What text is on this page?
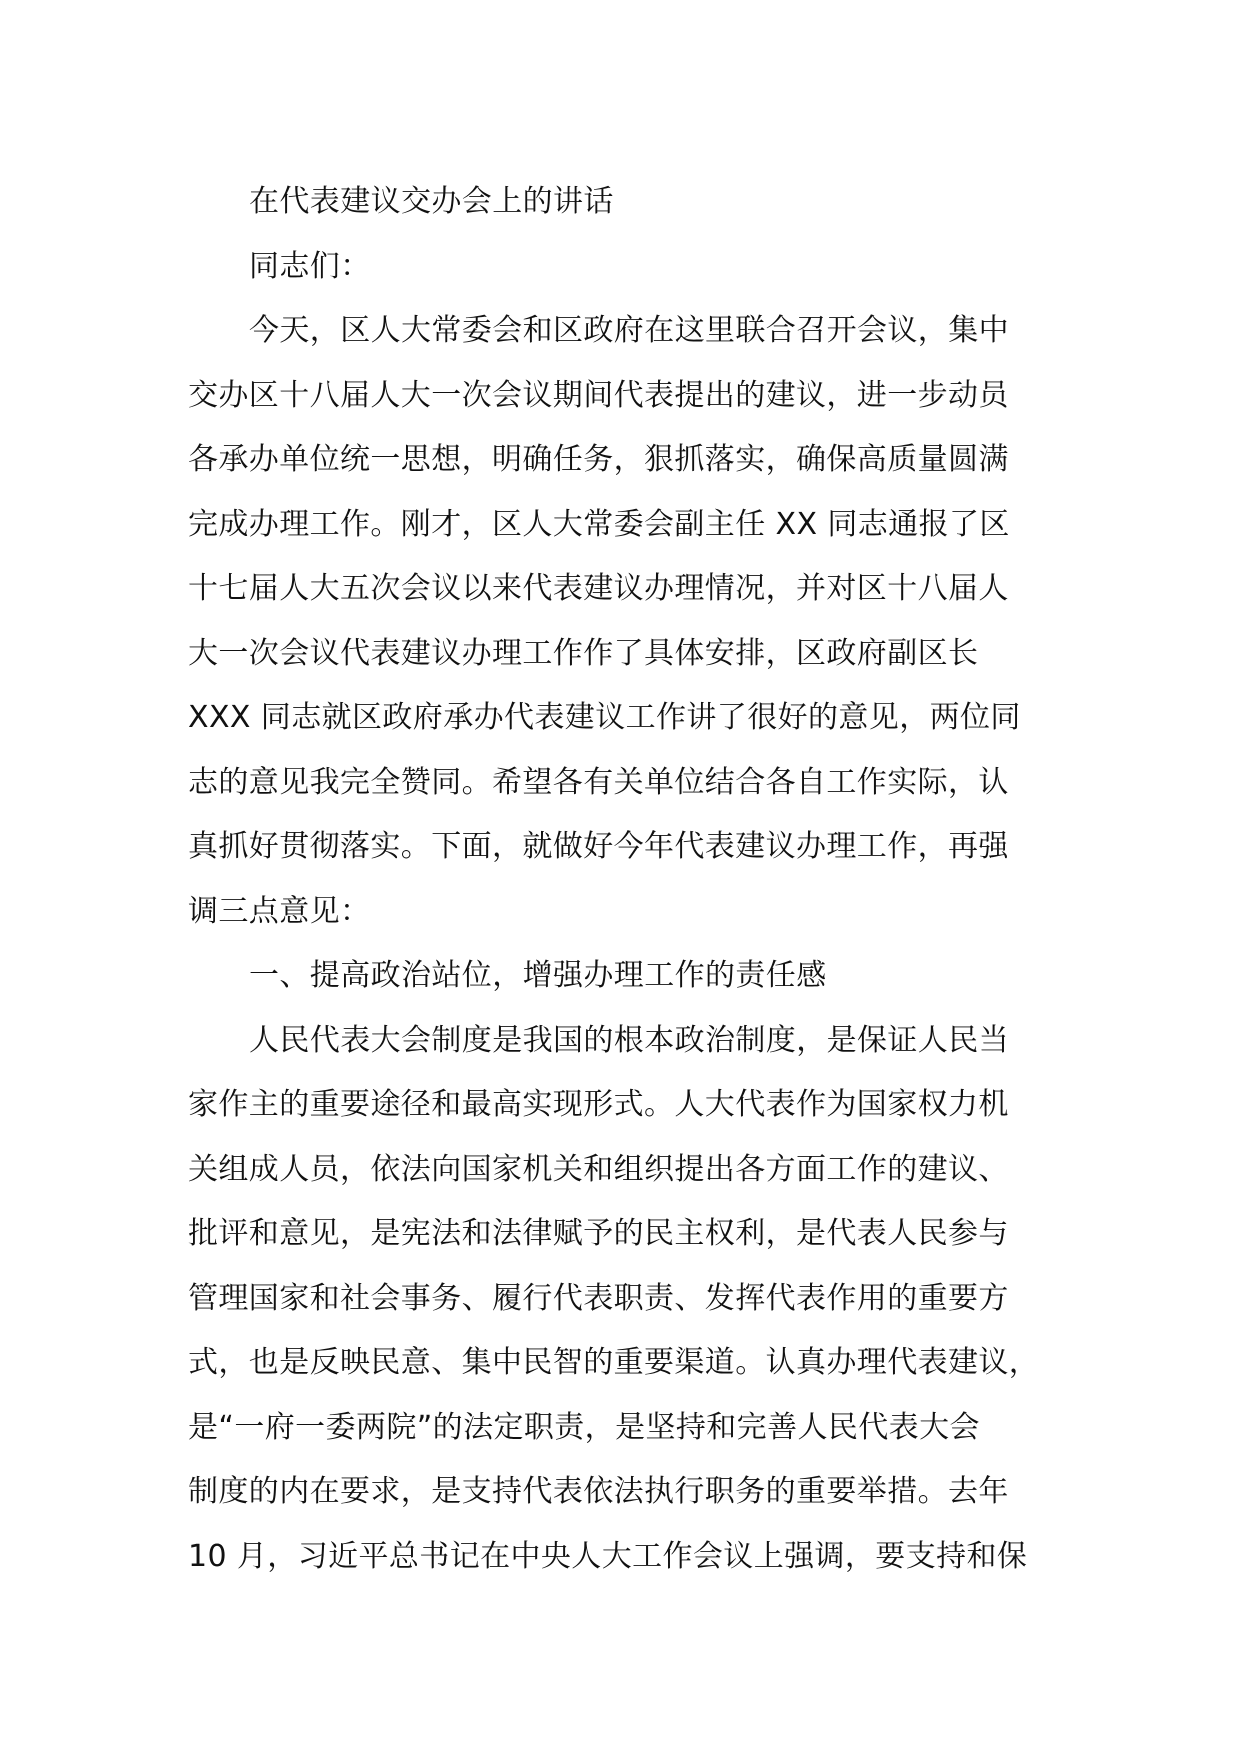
在代表建议交办会上的讲话
同志们：
今天，区人大常委会和区政府在这里联合召开会议，集中
交办区十八届人大一次会议期间代表提出的建议，进一步动员
各承办单位统一思想，明确任务，狠抓落实，确保高质量圆满
完成办理工作。刚才，区人大常委会副主任 XX 同志通报了区
十七届人大五次会议以来代表建议办理情况，并对区十八届人
大一次会议代表建议办理工作作了具体安排，区政府副区长
XXX 同志就区政府承办代表建议工作讲了很好的意见，两位同
志的意见我完全赞同。希望各有关单位结合各自工作实际，认
真抓好贯彻落实。下面，就做好今年代表建议办理工作，再强
调三点意见：
一、提高政治站位，增强办理工作的责任感
人民代表大会制度是我国的根本政治制度，是保证人民当
家作主的重要途径和最高实现形式。人大代表作为国家权力机
关组成人员，依法向国家机关和组织提出各方面工作的建议、
批评和意见，是宪法和法律赋予的民主权利，是代表人民参与
管理国家和社会事务、履行代表职责、发挥代表作用的重要方
式，也是反映民意、集中民智的重要渠道。认真办理代表建议，
是“一府一委两院”的法定职责，是坚持和完善人民代表大会
制度的内在要求，是支持代表依法执行职务的重要举措。去年
10 月，习近平总书记在中央人大工作会议上强调，要支持和保
